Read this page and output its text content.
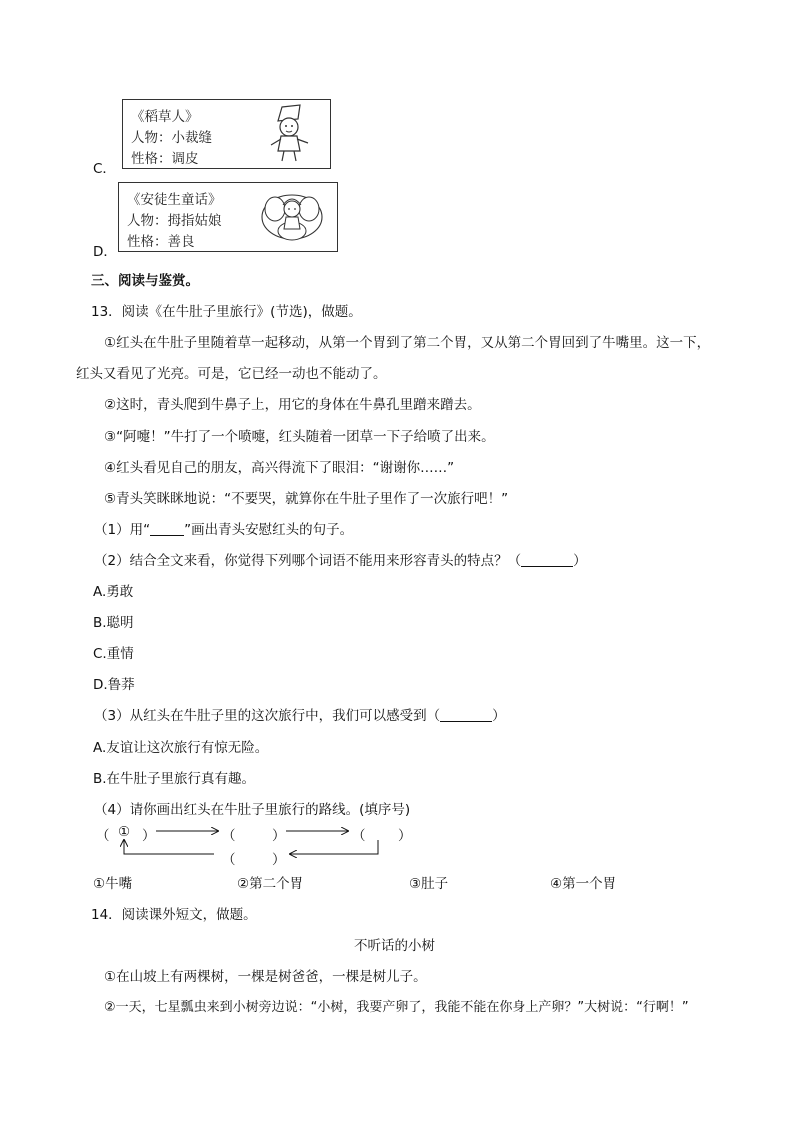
C．
《稻草人》
人物：小裁缝
性格：调皮
D．
《安徒生童话》
人物：拇指姑娘
性格：善良
三、阅读与鉴赏。
13．阅读《在牛肚子里旅行》(节选)，做题。
①红头在牛肚子里随着草一起移动，从第一个胃到了第二个胃，又从第二个胃回到了牛嘴里。这一下，
红头又看见了光亮。可是，它已经一动也不能动了。
②这时，青头爬到牛鼻子上，用它的身体在牛鼻孔里蹭来蹭去。
③“阿嚏！”牛打了一个喷嚏，红头随着一团草一下子给喷了出来。
④红头看见自己的朋友，高兴得流下了眼泪：“谢谢你……”
⑤青头笑眯眯地说：“不要哭，就算你在牛肚子里作了一次旅行吧！”
（1）用“	”画出青头安慰红头的句子。
（2）结合全文来看，你觉得下列哪个词语不能用来形容青头的特点？（	）
A.勇敢
B.聪明
C.重情
D.鲁莽
（3）从红头在牛肚子里的这次旅行中，我们可以感受到（	）
A.友谊让这次旅行有惊无险。
B.在牛肚子里旅行真有趣。
（4）请你画出红头在牛肚子里旅行的路线。(填序号)
（ ① ）	（	）	（ ）
（	）
①牛嘴	②第二个胃	③肚子	④第一个胃
14．阅读课外短文，做题。
不听话的小树
①在山坡上有两棵树，一棵是树爸爸，一棵是树儿子。
②一天，七星瓢虫来到小树旁边说：“小树，我要产卵了，我能不能在你身上产卵？”大树说：“行啊！”
